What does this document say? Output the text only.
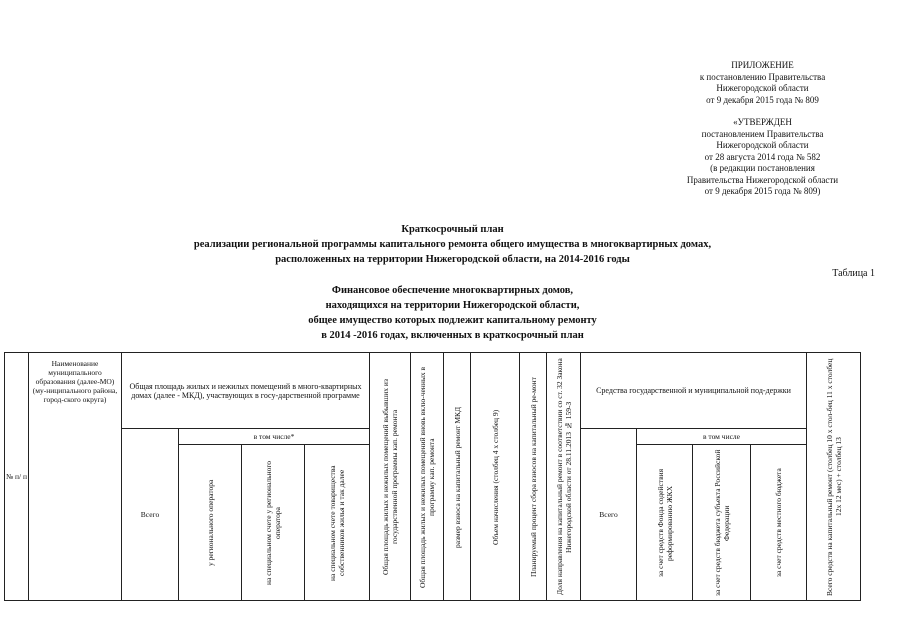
ПРИЛОЖЕНИЕ
к постановлению Правительства
Нижегородской области
от 9 декабря 2015 года № 809
«УТВЕРЖДЕН
постановлением Правительства
Нижегородской области
от 28 августа 2014 года № 582
(в редакции постановления
Правительства Нижегородской области
от 9 декабря 2015 года № 809)
Краткосрочный план
реализации региональной программы капитального ремонта общего имущества в многоквартирных домах,
расположенных на территории Нижегородской области, на 2014-2016 годы
Таблица 1
Финансовое обеспечение многоквартирных домов,
находящихся на территории Нижегородской области,
общее имущество которых подлежит капитальному ремонту
в 2014 -2016 годах, включенных в краткосрочный план
№ п/ п	Наименование муниципального образования (далее-МО) (му-ниципального района, город-ского округа)	Общая площадь жилых и нежилых помещений в много-квартирных домах (далее - МКД), участвующих в госу-дарственной программе				Общая площадь жилых и нежилых помещений выбывших из государственной программы кап. ремонта	Общая площадь жилых и нежилых помещений вновь вклю-ченных в программу кап. ремонта	размер взноса на капитальный ремонт МКД	Объем начисления (столбец 4 х столбец 9)	Планируемый процент сбора взносов на капитальный ре-монт	Доля направления на капитальный ремонт в соответствии со ст. 32 Закона Нижегородской области от 28.11.2013 № 159-З	Средства государственной и муниципальной под-держки				Всего средств на капитальный ремонт (столбец 10 х стол-бец 11 х столбец 12х 12 мес) + столбец 13

		Всего	в том числе*									Всего	в том числе			

			у регионального оператора	на специальном счете у регионального оператора	на специальном счете товарищества собственников жилья и так далее								за счет средств Фонда содействия реформированию ЖКХ	за счет средств бюджета субъекта Российской Федерации	за счет средств местного бюджета	
